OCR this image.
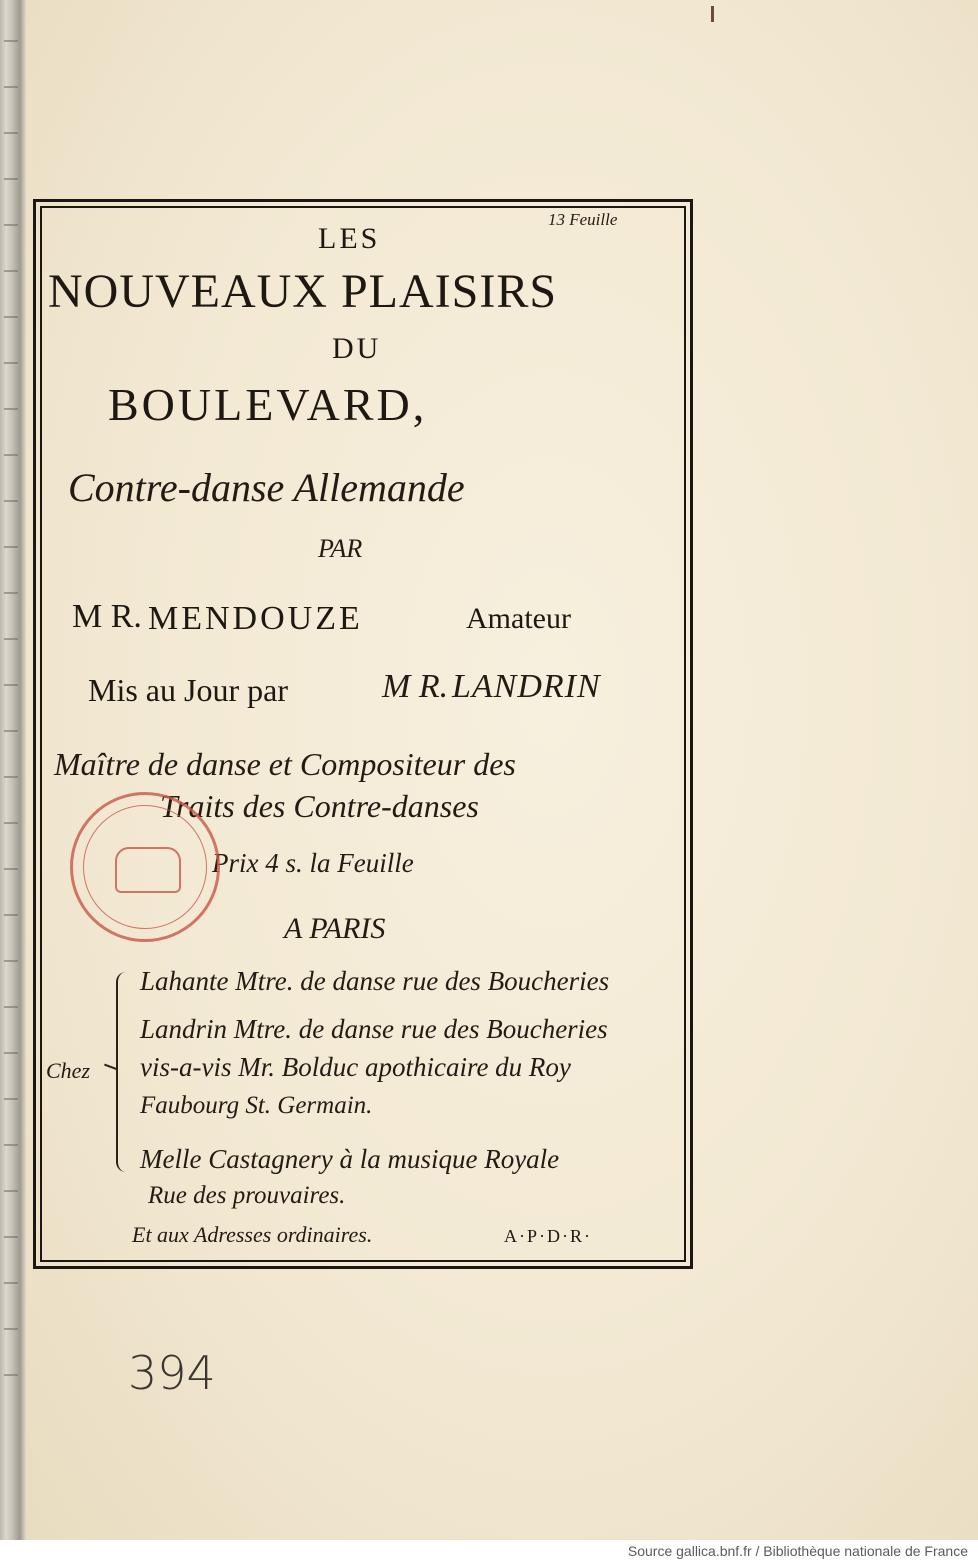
13 Feuille
LES
NOUVEAUX PLAISIRS
DU
BOULEVARD,
Contre-danse Allemande
PAR
M R. MENDOUZE	Amateur
Mis au Jour par	M R. LANDRIN
Maître de danse et Compositeur des
Traits des Contre-danses
Prix 4 s. la Feuille
A PARIS
Chez
Lahante Mtre. de danse rue des Boucheries
Landrin Mtre. de danse rue des Boucheries
vis-a-vis Mr. Bolduc apothicaire du Roy
Faubourg St. Germain.
Melle Castagnery à la musique Royale
Rue des prouvaires.
Et aux Adresses ordinaires.	A·P·D·R·
394
Source gallica.bnf.fr / Bibliothèque nationale de France
